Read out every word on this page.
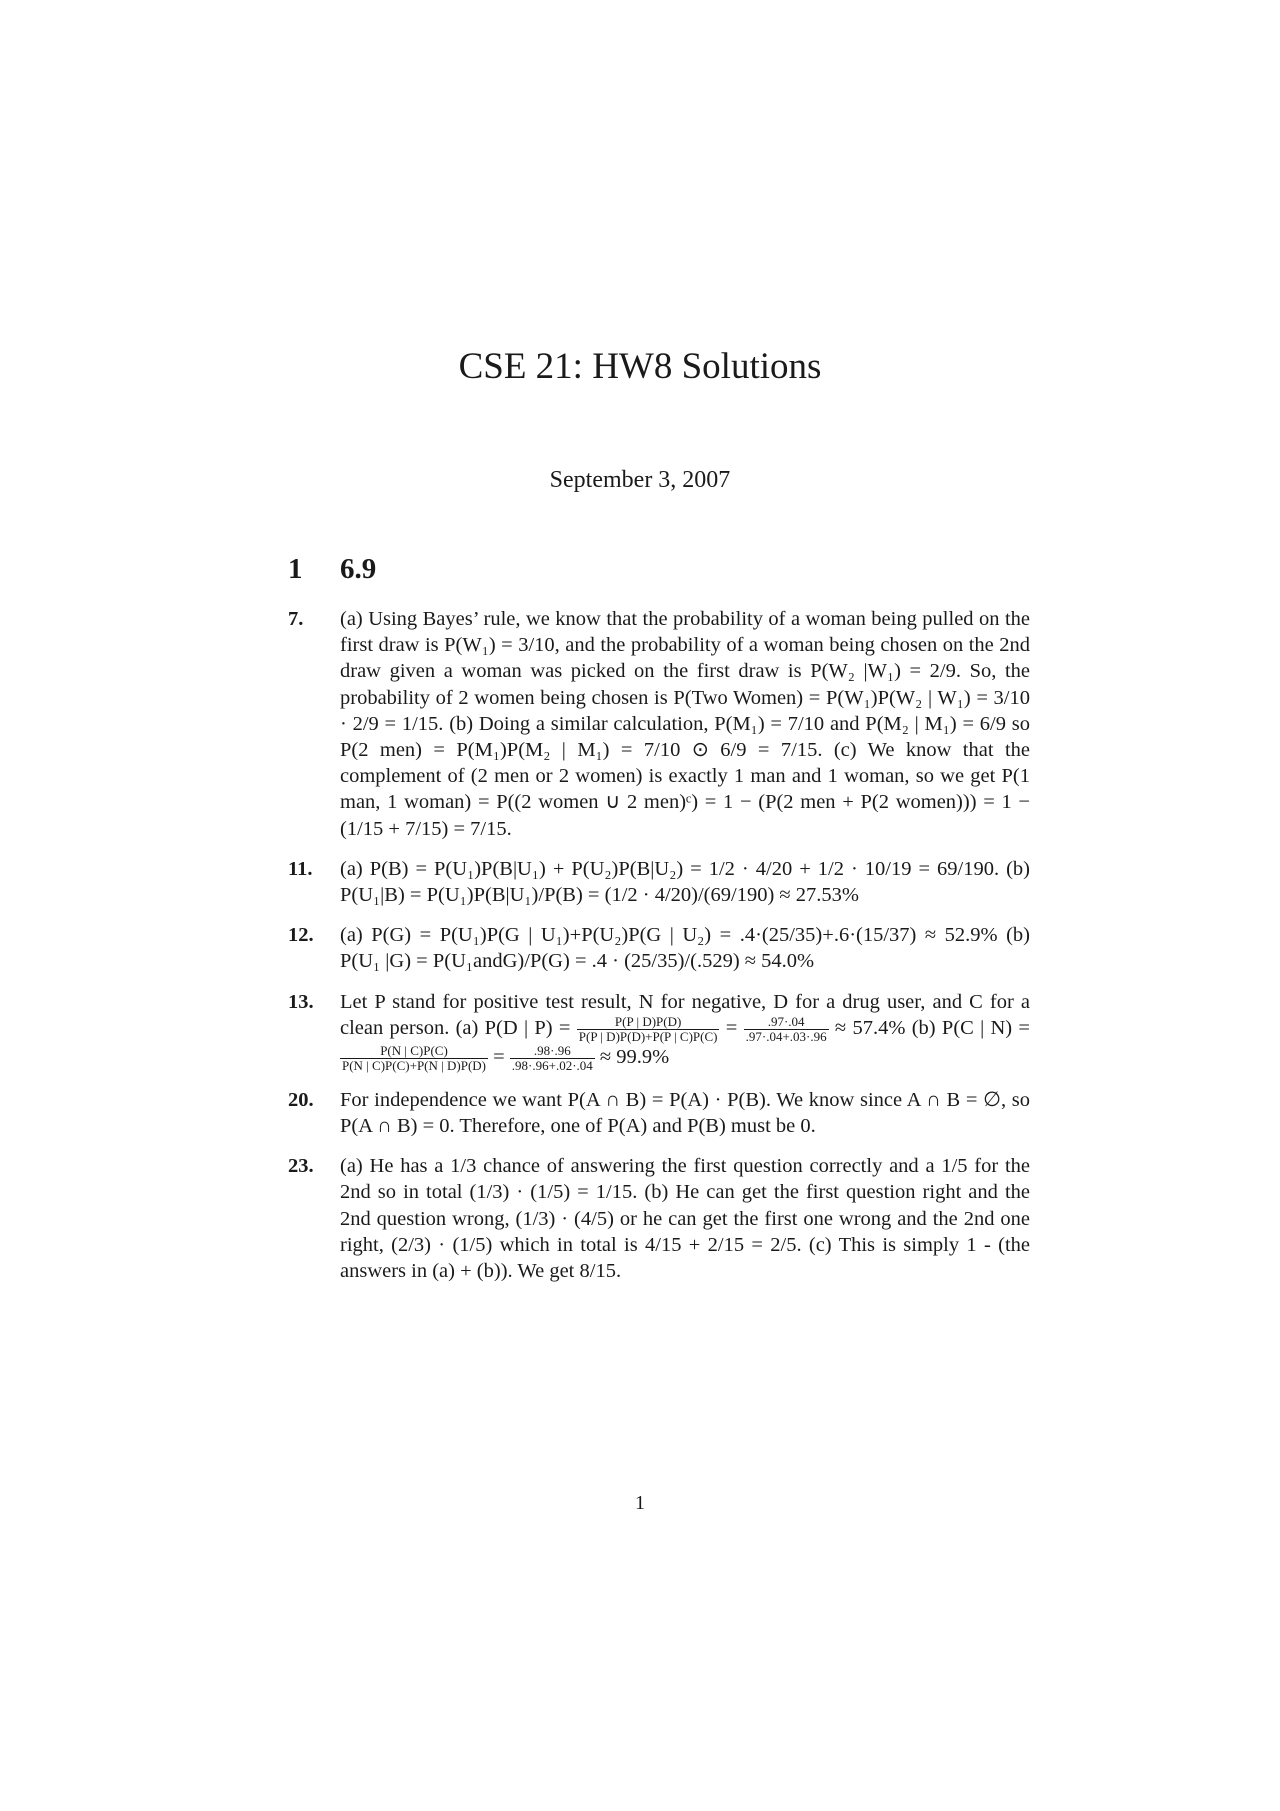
CSE 21: HW8 Solutions
September 3, 2007
1 6.9
7. (a) Using Bayes’ rule, we know that the probability of a woman being pulled on the first draw is P(W₁) = 3/10, and the probability of a woman being chosen on the 2nd draw given a woman was picked on the first draw is P(W₂ |W₁) = 2/9. So, the probability of 2 women being chosen is P(Two Women) = P(W₁)P(W₂ | W₁) = 3/10 · 2/9 = 1/15. (b) Doing a similar calculation, P(M₁) = 7/10 and P(M₂ | M₁) = 6/9 so P(2 men) = P(M₁)P(M₂ | M₁) = 7/10 ⊙ 6/9 = 7/15. (c) We know that the complement of (2 men or 2 women) is exactly 1 man and 1 woman, so we get P(1 man, 1 woman) = P((2 women ∪ 2 men)ᶜ) = 1 − (P(2 men + P(2 women))) = 1 − (1/15 + 7/15) = 7/15.
11. (a) P(B) = P(U₁)P(B|U₁) + P(U₂)P(B|U₂) = 1/2 · 4/20 + 1/2 · 10/19 = 69/190. (b) P(U₁|B) = P(U₁)P(B|U₁)/P(B) = (1/2 · 4/20)/(69/190) ≈ 27.53%
12. (a) P(G) = P(U₁)P(G | U₁)+P(U₂)P(G | U₂) = .4·(25/35)+.6·(15/37) ≈ 52.9% (b) P(U₁ |G) = P(U₁andG)/P(G) = .4 · (25/35)/(.529) ≈ 54.0%
13. Let P stand for positive test result, N for negative, D for a drug user, and C for a clean person. (a) P(D | $P) = \frac{P(P | D)P(D)}{P(P | D)P(D)+P(P | C)P(C)} = \frac{.97\cdot.04}{.97\cdot.04+.03\cdot.96} \approx 57.4\%$ (b) P(C | N) =
$\frac{P(N | C)P(C)}{P(N | C)P(C)+P(N | D)P(D)} = \frac{.98\cdot.96}{.98\cdot.96+.02\cdot.04} \approx 99.9\%$
20. For independence we want P(A ∩ B) = P(A) · P(B). We know since A ∩ B = ∅, so P(A ∩ B) = 0. Therefore, one of P(A) and P(B) must be 0.
23. (a) He has a 1/3 chance of answering the first question correctly and a 1/5 for the 2nd so in total (1/3) · (1/5) = 1/15. (b) He can get the first question right and the 2nd question wrong, (1/3) · (4/5) or he can get the first one wrong and the 2nd one right, (2/3) · (1/5) which in total is 4/15 + 2/15 = 2/5. (c) This is simply 1 - (the answers in (a) + (b)). We get 8/15.
1
